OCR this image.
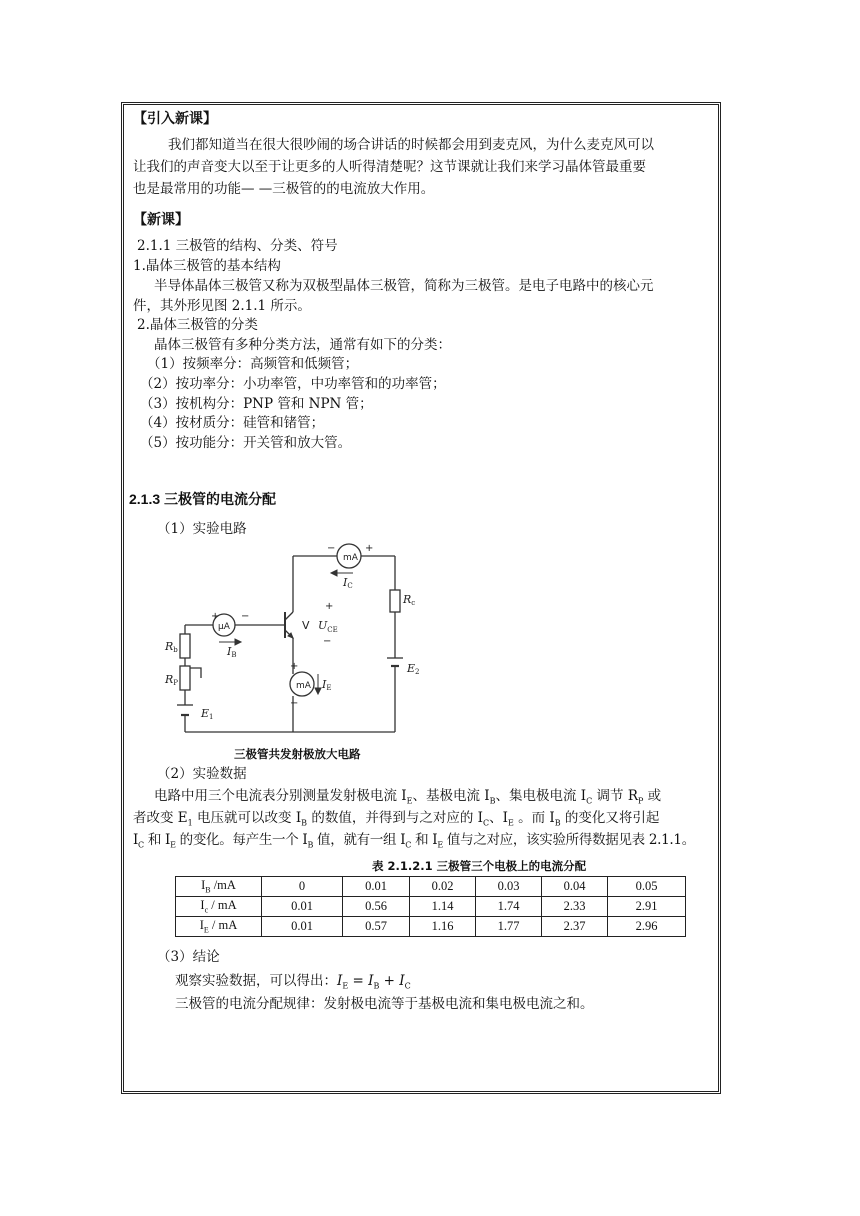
【引入新课】
我们都知道当在很大很吵闹的场合讲话的时候都会用到麦克风，为什么麦克风可以
让我们的声音变大以至于让更多的人听得清楚呢？这节课就让我们来学习晶体管最重要
也是最常用的功能— —三极管的的电流放大作用。
【新课】
2.1.1 三极管的结构、分类、符号
1.晶体三极管的基本结构
半导体晶体三极管又称为双极型晶体三极管，简称为三极管。是电子电路中的核心元
件，其外形见图 2.1.1 所示。
2.晶体三极管的分类
晶体三极管有多种分类方法，通常有如下的分类：
（1）按频率分：高频管和低频管；
（2）按功率分：小功率管，中功率管和的功率管；
（3）按机构分：PNP 管和 NPN 管；
（4）按材质分：硅管和锗管；
（5）按功能分：开关管和放大管。
2.1.3 三极管的电流分配
（1）实验电路
mA
μA
mA
−	+
+ −
+
−
+
−
V
IC
Rc
IB
$U_{CE}$
Rb
RP	IE
E1
E2
三极管共发射极放大电路
（2）实验数据
电路中用三个电流表分别测量发射极电流 $I_E$、基极电流 $I_B$、集电极电流 $I_C$ 调节 $R_P$ 或
者改变 $E_1$ 电压就可以改变 $I_B$ 的数值，并得到与之对应的 $I_C$、$I_E$ 。而 $I_B$ 的变化又将引起
$I_C$ 和 $I_E$ 的变化。每产生一个 $I_B$ 值，就有一组 $I_C$ 和 $I_E$ 值与之对应，该实验所得数据见表 2.1.1。
表 2.1.2.1 三极管三个电极上的电流分配
$I_B$ /mA	0	0.01	0.02	0.03	0.04	0.05
$I_c$ / mA	0.01	0.56	1.14	1.74	2.33	2.91
$I_E$ / mA	0.01	0.57	1.16	1.77	2.37	2.96
（3）结论
观察实验数据，可以得出：$I_E = I_B + I_C$
三极管的电流分配规律：发射极电流等于基极电流和集电极电流之和。
